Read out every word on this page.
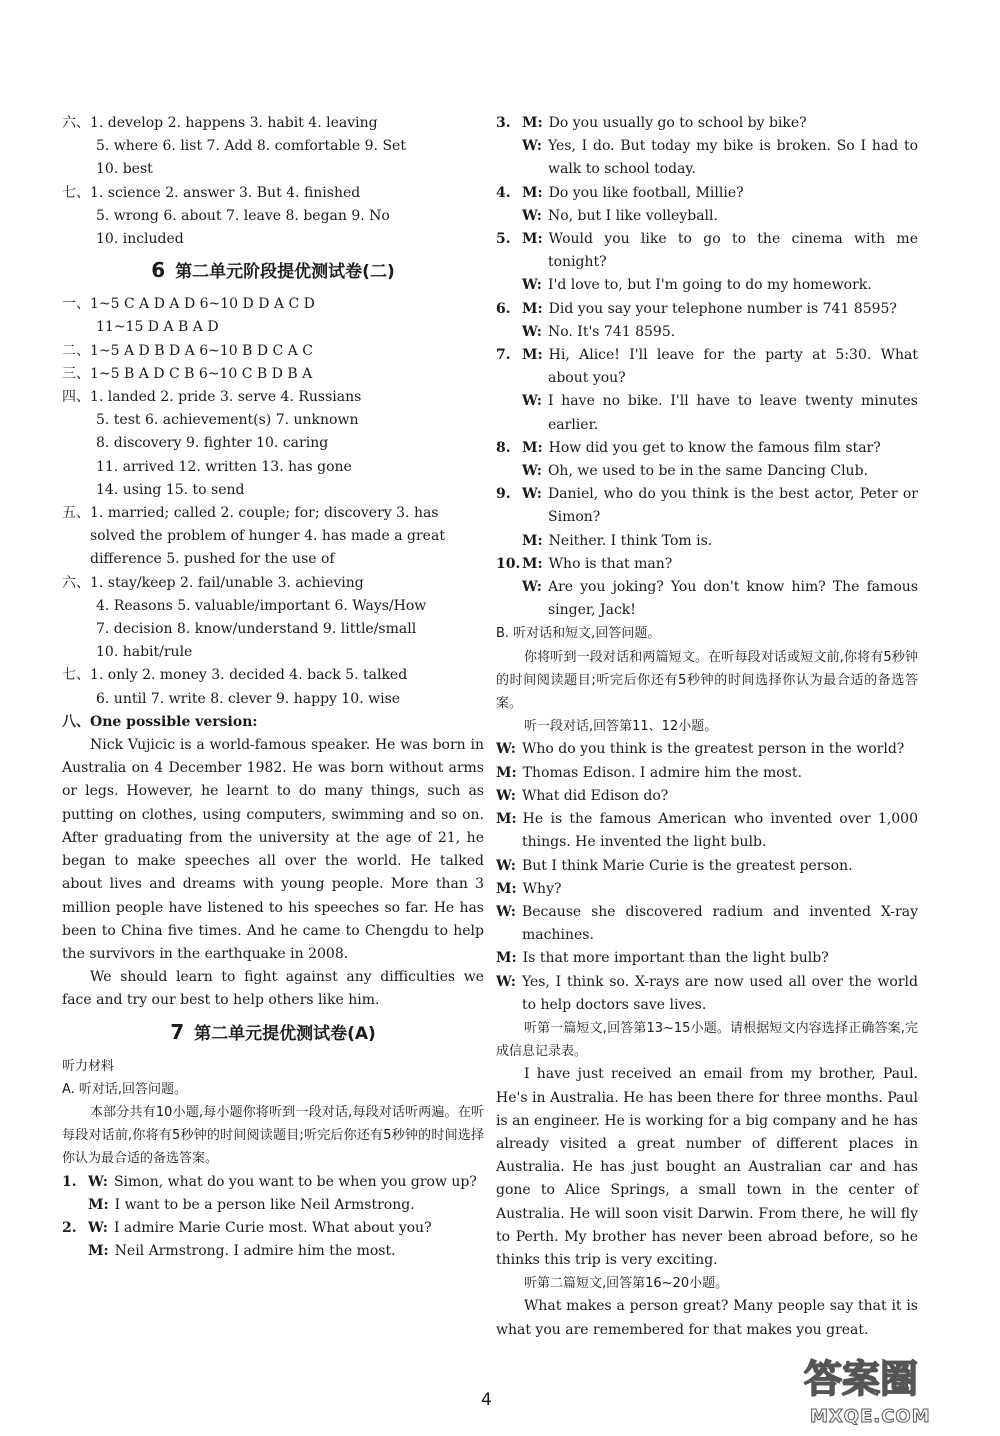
六、1. develop 2. happens 3. habit 4. leaving
5. where 6. list 7. Add 8. comfortable 9. Set
10. best
七、1. science 2. answer 3. But 4. finished
5. wrong 6. about 7. leave 8. began 9. No
10. included
6 第二单元阶段提优测试卷(二)
一、1~5 C A D A D 6~10 D D A C D
11~15 D A B A D
二、1~5 A D B D A 6~10 B D C A C
三、1~5 B A D C B 6~10 C B D B A
四、1. landed 2. pride 3. serve 4. Russians
5. test 6. achievement(s) 7. unknown
8. discovery 9. fighter 10. caring
11. arrived 12. written 13. has gone
14. using 15. to send
五、1. married; called 2. couple; for; discovery 3. has solved the problem of hunger 4. has made a great difference 5. pushed for the use of
六、1. stay/keep 2. fail/unable 3. achieving
4. Reasons 5. valuable/important 6. Ways/How
7. decision 8. know/understand 9. little/small
10. habit/rule
七、1. only 2. money 3. decided 4. back 5. talked
6. until 7. write 8. clever 9. happy 10. wise
八、One possible version:
Nick Vujicic is a world-famous speaker. He was born in Australia on 4 December 1982. He was born without arms or legs. However, he learnt to do many things, such as putting on clothes, using computers, swimming and so on. After graduating from the university at the age of 21, he began to make speeches all over the world. He talked about lives and dreams with young people. More than 3 million people have listened to his speeches so far. He has been to China five times. And he came to Chengdu to help the survivors in the earthquake in 2008.
We should learn to fight against any difficulties we face and try our best to help others like him.
7 第二单元提优测试卷(A)
听力材料
A. 听对话,回答问题。
本部分共有10小题,每小题你将听到一段对话,每段对话听两遍。在听每段对话前,你将有5秒钟的时间阅读题目;听完后你还有5秒钟的时间选择你认为最合适的备选答案。
1. W: Simon, what do you want to be when you grow up?
M: I want to be a person like Neil Armstrong.
2. W: I admire Marie Curie most. What about you?
M: Neil Armstrong. I admire him the most.
3. M: Do you usually go to school by bike?
W: Yes, I do. But today my bike is broken. So I had to walk to school today.
4. M: Do you like football, Millie?
W: No, but I like volleyball.
5. M: Would you like to go to the cinema with me tonight?
W: I'd love to, but I'm going to do my homework.
6. M: Did you say your telephone number is 741 8595?
W: No. It's 741 8595.
7. M: Hi, Alice! I'll leave for the party at 5:30. What about you?
W: I have no bike. I'll have to leave twenty minutes earlier.
8. M: How did you get to know the famous film star?
W: Oh, we used to be in the same Dancing Club.
9. W: Daniel, who do you think is the best actor, Peter or Simon?
M: Neither. I think Tom is.
10. M: Who is that man?
W: Are you joking? You don't know him? The famous singer, Jack!
B. 听对话和短文,回答问题。
你将听到一段对话和两篇短文。在听每段对话或短文前,你将有5秒钟的时间阅读题目;听完后你还有5秒钟的时间选择你认为最合适的备选答案。
听一段对话,回答第11、12小题。
W: Who do you think is the greatest person in the world?
M: Thomas Edison. I admire him the most.
W: What did Edison do?
M: He is the famous American who invented over 1,000 things. He invented the light bulb.
W: But I think Marie Curie is the greatest person.
M: Why?
W: Because she discovered radium and invented X-ray machines.
M: Is that more important than the light bulb?
W: Yes, I think so. X-rays are now used all over the world to help doctors save lives.
听第一篇短文,回答第13~15小题。请根据短文内容选择正确答案,完成信息记录表。
I have just received an email from my brother, Paul. He's in Australia. He has been there for three months. Paul is an engineer. He is working for a big company and he has already visited a great number of different places in Australia. He has just bought an Australian car and has gone to Alice Springs, a small town in the center of Australia. He will soon visit Darwin. From there, he will fly to Perth. My brother has never been abroad before, so he thinks this trip is very exciting.
听第二篇短文,回答第16~20小题。
What makes a person great? Many people say that it is what you are remembered for that makes you great.
4	答案圈
MXQE.COM
